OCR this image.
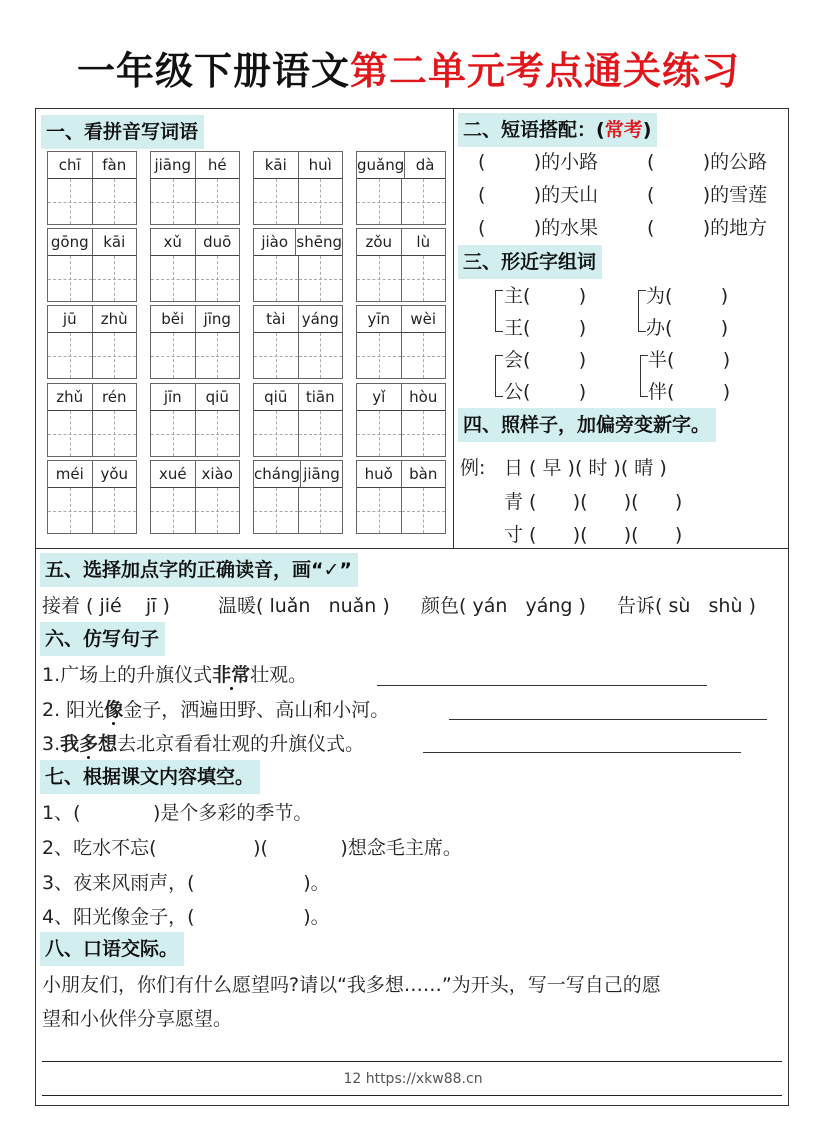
一年级下册语文第二单元考点通关练习
一、看拼音写词语
chī	fàn	jiāng	hé	kāi	huì	guǎng dà
gōng kāi	xǔ	duō	jiào shēng	zǒu	lù
jū	zhù	běi	jīng	tài	yáng	yīn	wèi
zhǔ	rén	jīn	qiū	qiū	tiān	yǐ	hòu
méi	yǒu	xué xiào	cháng jiāng	huǒ	bàn
二、短语搭配：(常考)
(        )的小路	(        )的公路
(        )的天山	(        )的雪莲
(        )的水果	(        )的地方
三、形近字组词
主(        )
王(        )
为(        )
办(        )
会(        )
公(        )
半(        )
伴(        )
四、照样子，加偏旁变新字。
例: 日 ( 早 )( 时 )( 晴 )
青 (      )(      )(      )
寸 (      )(      )(      )
五、选择加点字的正确读音，画“✓”
接着 ( jié    jī )	温暖( luǎn   nuǎn ) 颜色( yán   yáng ) 告诉( sù   shù )
六、仿写句子
1.广场上的升旗仪式非常壮观。
2. 阳光像金子，洒遍田野、高山和小河。
3.我多想去北京看看壮观的升旗仪式。
七、根据课文内容填空。
1、(            )是个多彩的季节。
2、吃水不忘(                )(            )想念毛主席。
3、夜来风雨声，(                  )。
4、阳光像金子，(                  )。
八、口语交际。
小朋友们，你们有什么愿望吗?请以“我多想……”为开头，写一写自己的愿
望和小伙伴分享愿望。
12 https://xkw88.cn
